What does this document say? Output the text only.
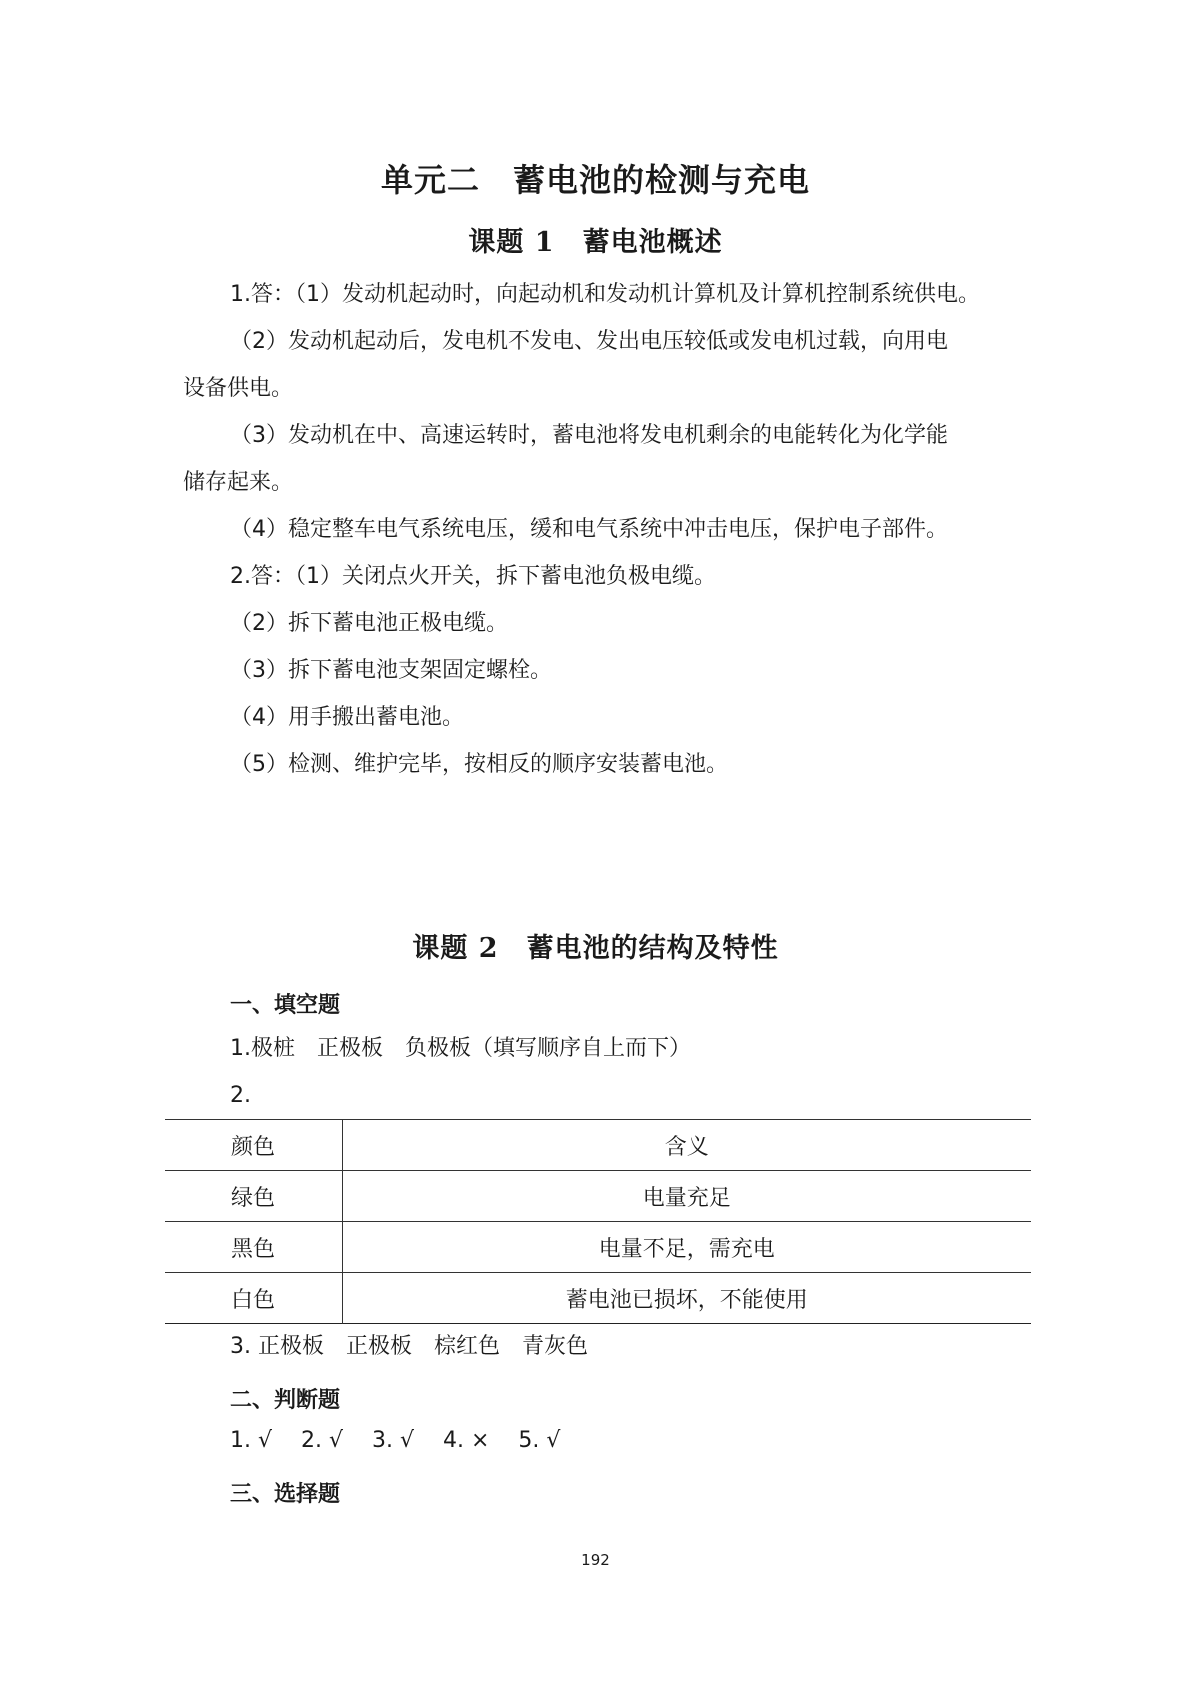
单元二　蓄电池的检测与充电
课题 1　蓄电池概述
1.答：（1）发动机起动时，向起动机和发动机计算机及计算机控制系统供电。
（2）发动机起动后，发电机不发电、发出电压较低或发电机过载，向用电
设备供电。
（3）发动机在中、高速运转时，蓄电池将发电机剩余的电能转化为化学能
储存起来。
（4）稳定整车电气系统电压，缓和电气系统中冲击电压，保护电子部件。
2.答：（1）关闭点火开关，拆下蓄电池负极电缆。
（2）拆下蓄电池正极电缆。
（3）拆下蓄电池支架固定螺栓。
（4）用手搬出蓄电池。
（5）检测、维护完毕，按相反的顺序安装蓄电池。
课题 2　蓄电池的结构及特性
一、填空题
1.极桩　正极板　负极板（填写顺序自上而下）
2.
颜色	含义
绿色	电量充足
黑色	电量不足，需充电
白色	蓄电池已损坏，不能使用
3. 正极板　正极板　棕红色　青灰色
二、判断题
1. √　 2. √　 3. √　 4. ×　 5. √
三、选择题
192
